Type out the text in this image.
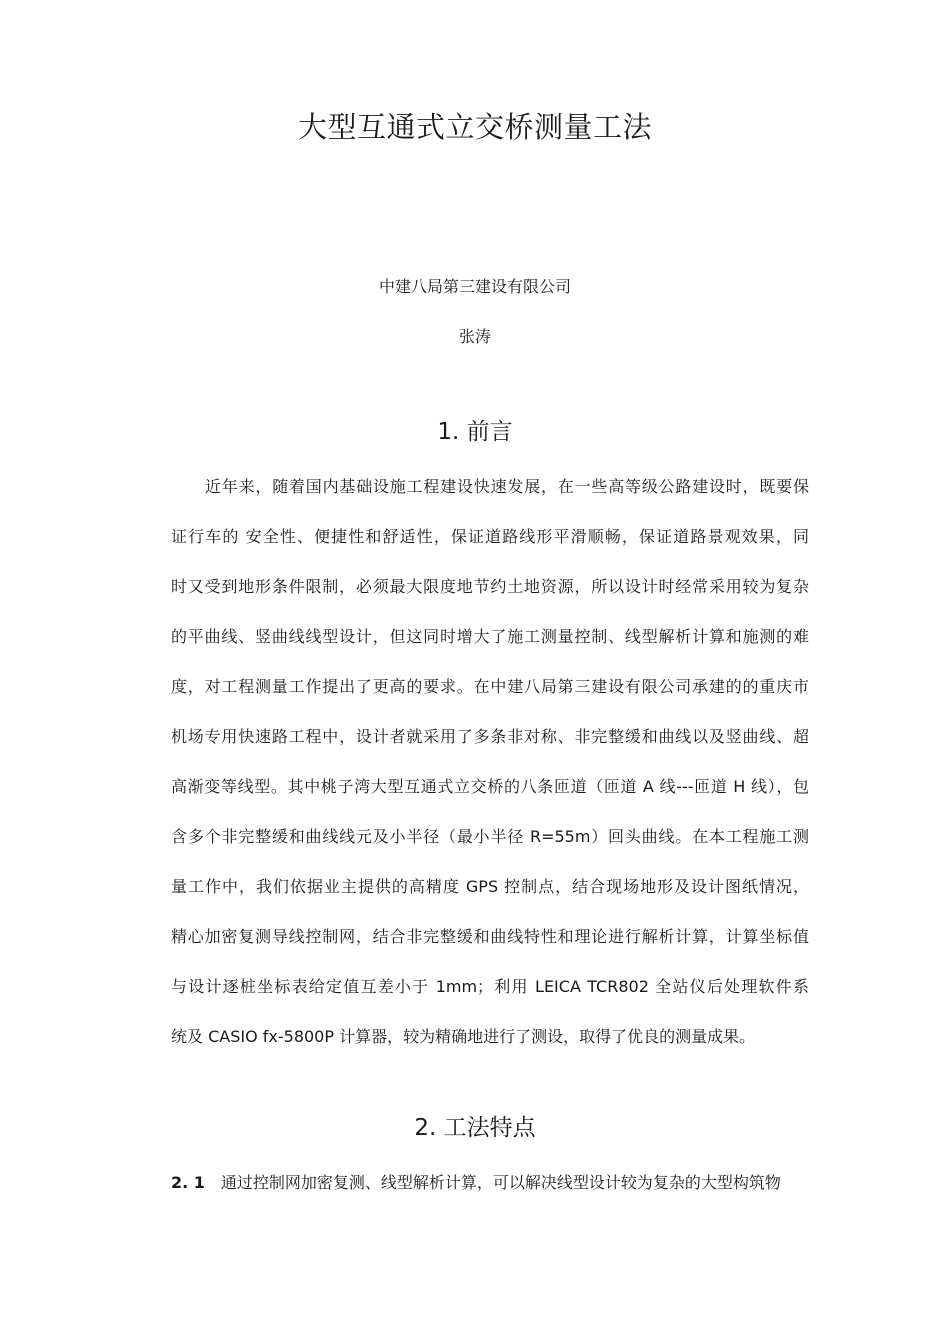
大型互通式立交桥测量工法
中建八局第三建设有限公司
张涛
1. 前言
近年来，随着国内基础设施工程建设快速发展，在一些高等级公路建设时，既要保
证行车的 安全性、便捷性和舒适性，保证道路线形平滑顺畅，保证道路景观效果，同
时又受到地形条件限制，必须最大限度地节约土地资源，所以设计时经常采用较为复杂
的平曲线、竖曲线线型设计，但这同时增大了施工测量控制、线型解析计算和施测的难
度，对工程测量工作提出了更高的要求。在中建八局第三建设有限公司承建的的重庆市
机场专用快速路工程中，设计者就采用了多条非对称、非完整缓和曲线以及竖曲线、超
高渐变等线型。其中桃子湾大型互通式立交桥的八条匝道（匝道 A 线---匝道 H 线），包
含多个非完整缓和曲线线元及小半径（最小半径 R=55m）回头曲线。在本工程施工测
量工作中，我们依据业主提供的高精度 GPS 控制点，结合现场地形及设计图纸情况，
精心加密复测导线控制网，结合非完整缓和曲线特性和理论进行解析计算，计算坐标值
与设计逐桩坐标表给定值互差小于 1mm；利用 LEICA TCR802 全站仪后处理软件系
统及 CASIO fx-5800P 计算器，较为精确地进行了测设，取得了优良的测量成果。
2. 工法特点
2. 1 通过控制网加密复测、线型解析计算，可以解决线型设计较为复杂的大型构筑物
